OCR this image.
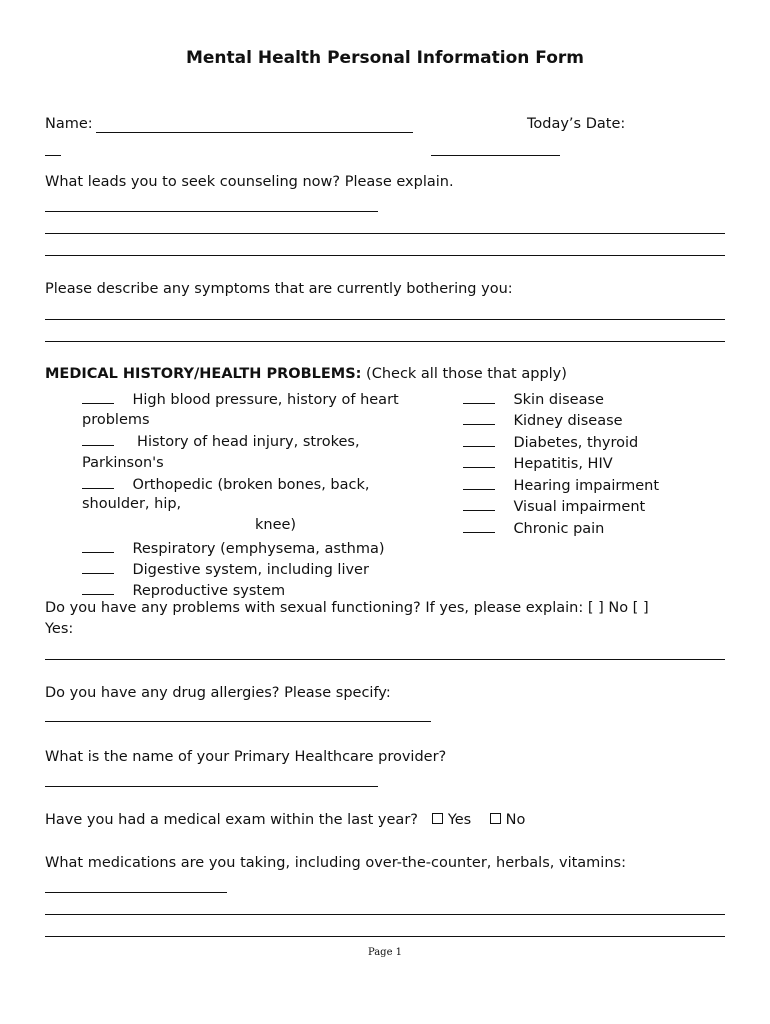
Mental Health Personal Information Form
Name:	Today’s Date:
What leads you to seek counseling now? Please explain.
Please describe any symptoms that are currently bothering you:
MEDICAL HISTORY/HEALTH PROBLEMS: (Check all those that apply)
High blood pressure, history of heart
problems
History of head injury, strokes,
Parkinson's
Orthopedic (broken bones, back,
shoulder, hip,
knee)
Respiratory (emphysema, asthma)
Digestive system, including liver
Reproductive system
Skin disease
Kidney disease
Diabetes, thyroid
Hepatitis, HIV
Hearing impairment
Visual impairment
Chronic pain
Do you have any problems with sexual functioning? If yes, please explain: [ ] No [ ]
Yes:
Do you have any drug allergies? Please specify:
What is the name of your Primary Healthcare provider?
Have you had a medical exam within the last year? Yes No
What medications are you taking, including over-the-counter, herbals, vitamins:
Page 1
